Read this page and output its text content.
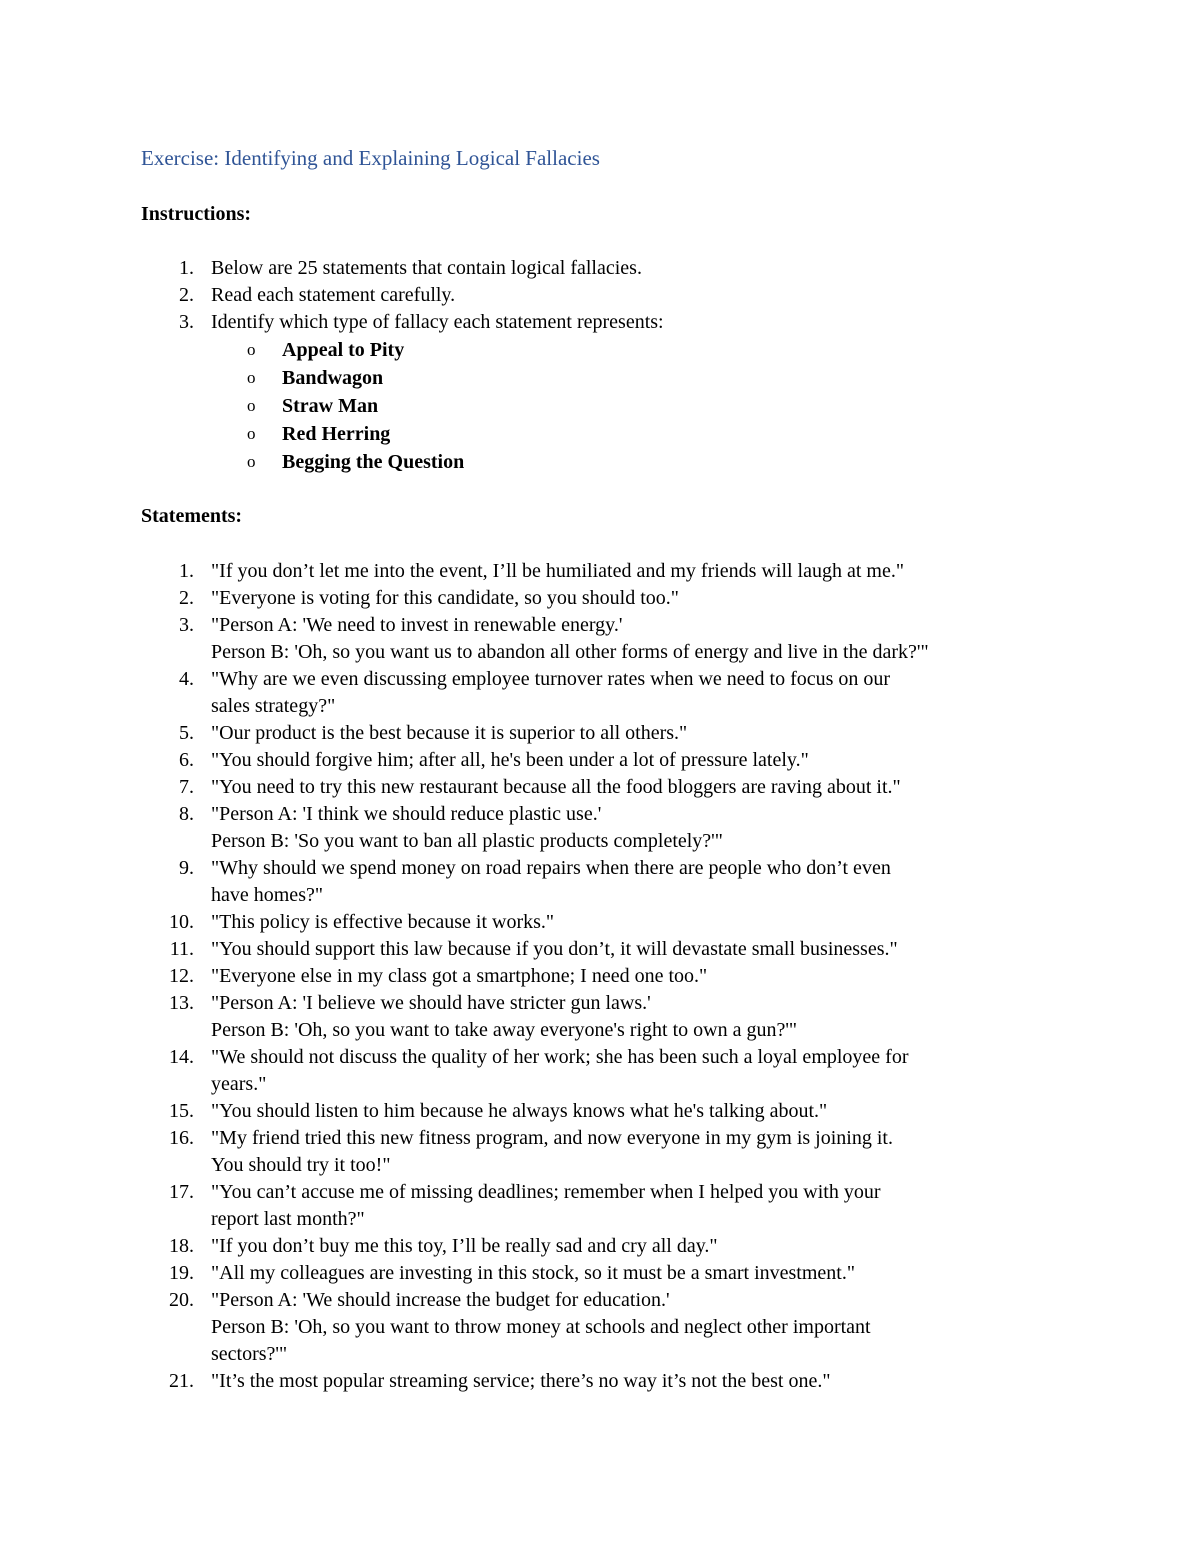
Exercise: Identifying and Explaining Logical Fallacies
Instructions:
1. Below are 25 statements that contain logical fallacies.
2. Read each statement carefully.
3. Identify which type of fallacy each statement represents:
o Appeal to Pity
o Bandwagon
o Straw Man
o Red Herring
o Begging the Question
Statements:
1. "If you don’t let me into the event, I’ll be humiliated and my friends will laugh at me."
2. "Everyone is voting for this candidate, so you should too."
3. "Person A: 'We need to invest in renewable energy.'
Person B: 'Oh, so you want us to abandon all other forms of energy and live in the dark?'"
4. "Why are we even discussing employee turnover rates when we need to focus on our
sales strategy?"
5. "Our product is the best because it is superior to all others."
6. "You should forgive him; after all, he's been under a lot of pressure lately."
7. "You need to try this new restaurant because all the food bloggers are raving about it."
8. "Person A: 'I think we should reduce plastic use.'
Person B: 'So you want to ban all plastic products completely?'"
9. "Why should we spend money on road repairs when there are people who don’t even
have homes?"
10. "This policy is effective because it works."
11. "You should support this law because if you don’t, it will devastate small businesses."
12. "Everyone else in my class got a smartphone; I need one too."
13. "Person A: 'I believe we should have stricter gun laws.'
Person B: 'Oh, so you want to take away everyone's right to own a gun?'"
14. "We should not discuss the quality of her work; she has been such a loyal employee for
years."
15. "You should listen to him because he always knows what he's talking about."
16. "My friend tried this new fitness program, and now everyone in my gym is joining it.
You should try it too!"
17. "You can’t accuse me of missing deadlines; remember when I helped you with your
report last month?"
18. "If you don’t buy me this toy, I’ll be really sad and cry all day."
19. "All my colleagues are investing in this stock, so it must be a smart investment."
20. "Person A: 'We should increase the budget for education.'
Person B: 'Oh, so you want to throw money at schools and neglect other important
sectors?'"
21. "It’s the most popular streaming service; there’s no way it’s not the best one."
